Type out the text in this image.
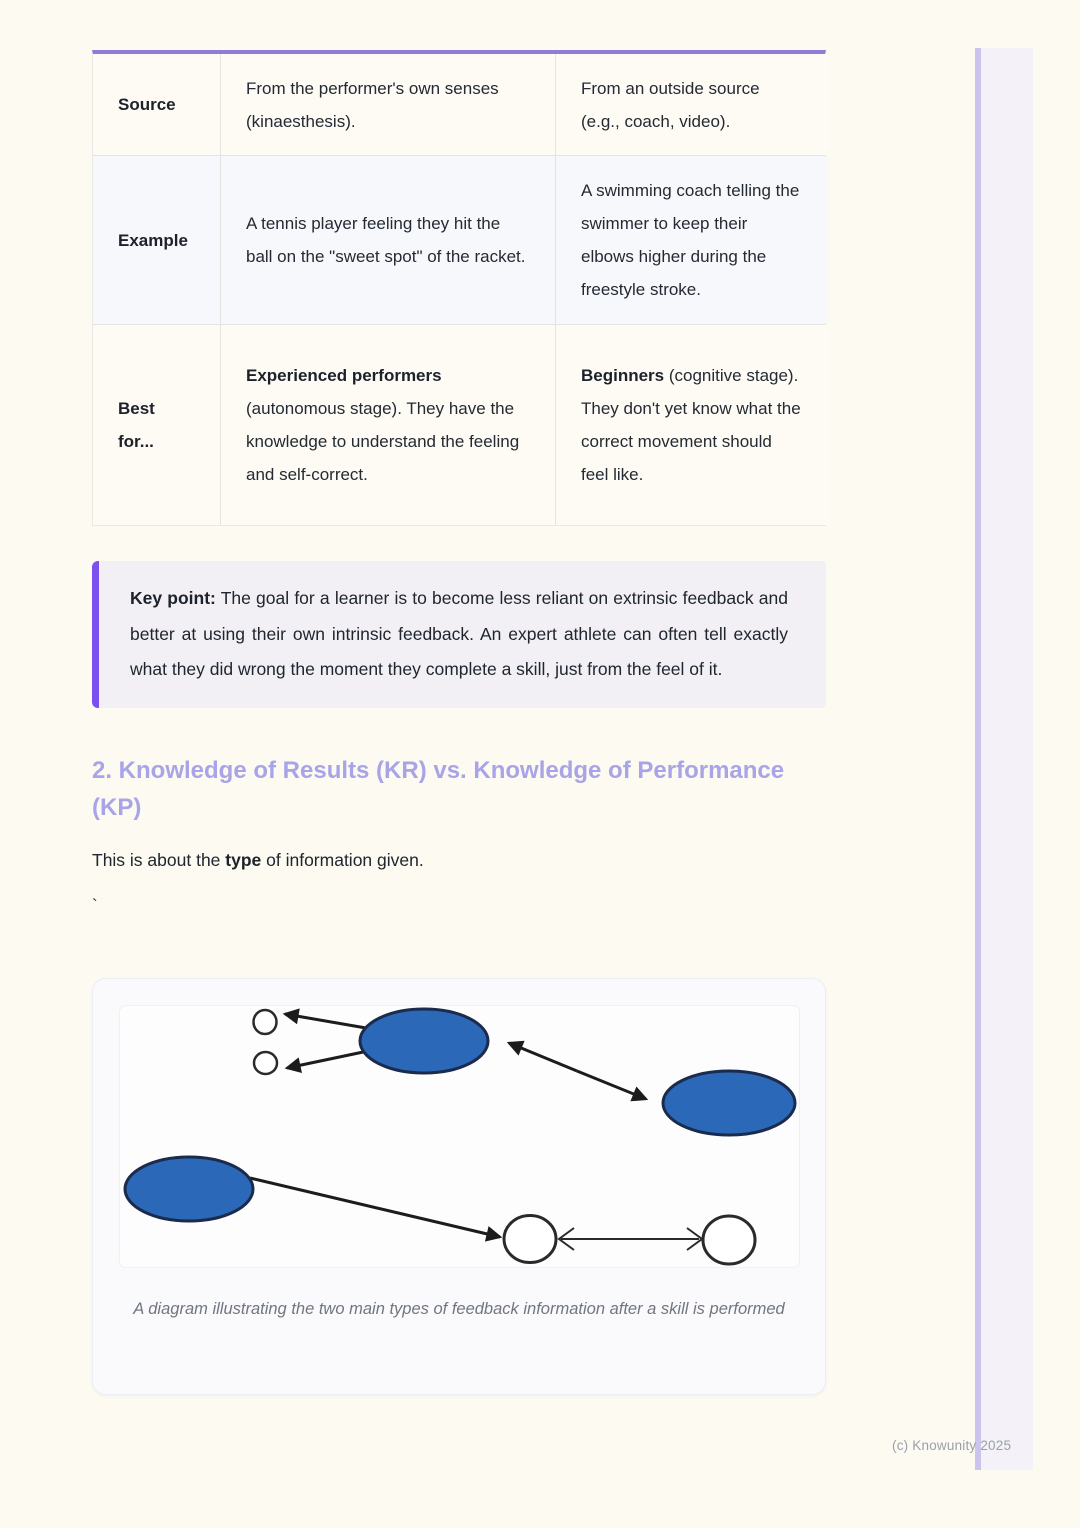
Source
From the performer's own senses (kinaesthesis).
From an outside source (e.g., coach, video).
Example
A tennis player feeling they hit the ball on the "sweet spot" of the racket.
A swimming coach telling the swimmer to keep their elbows higher during the freestyle stroke.
Best for...
Experienced performers (autonomous stage). They have the knowledge to understand the feeling and self-correct.
Beginners (cognitive stage). They don't yet know what the correct movement should feel like.

Key point: The goal for a learner is to become less reliant on extrinsic feedback and better at using their own intrinsic feedback. An expert athlete can often tell exactly what they did wrong the moment they complete a skill, just from the feel of it.

2. Knowledge of Results (KR) vs. Knowledge of Performance (KP)
This is about the type of information given.
`
A diagram illustrating the two main types of feedback information after a skill is performed
(c) Knowunity 2025
